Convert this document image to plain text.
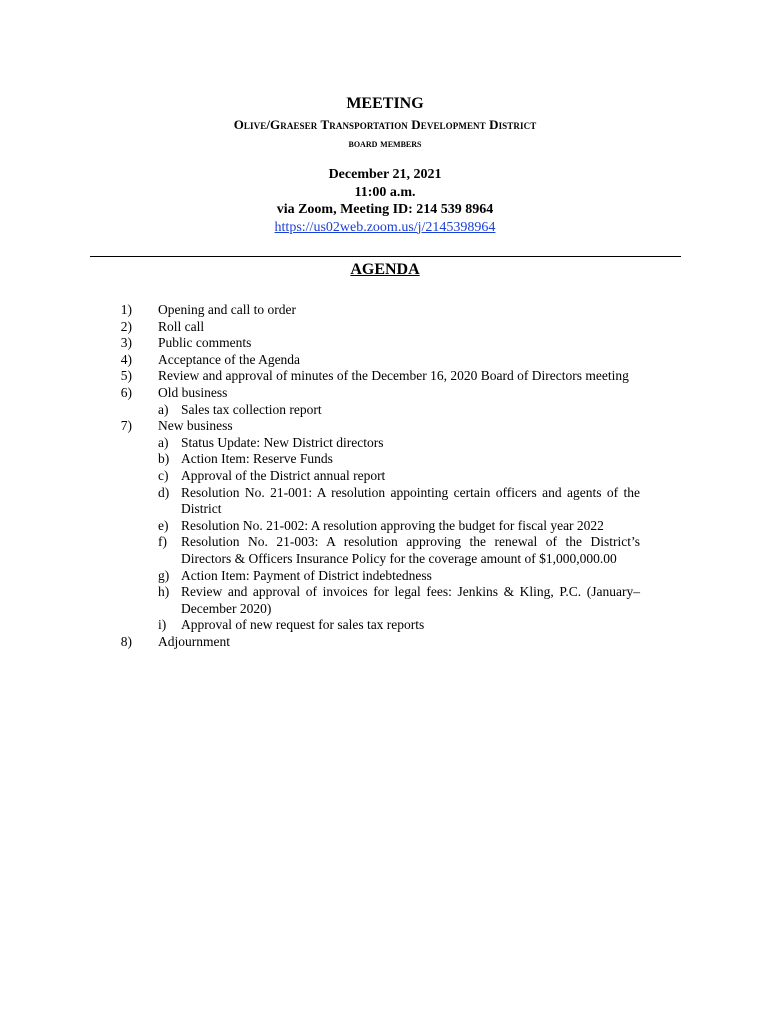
MEETING
Olive/Graeser Transportation Development District
board members
December 21, 2021
11:00 a.m.
via Zoom, Meeting ID: 214 539 8964
https://us02web.zoom.us/j/2145398964
AGENDA
1)	Opening and call to order
2)	Roll call
3)	Public comments
4)	Acceptance of the Agenda
5)	Review and approval of minutes of the December 16, 2020 Board of Directors meeting
6)	Old business
a) Sales tax collection report
7)	New business
a) Status Update: New District directors
b) Action Item: Reserve Funds
c) Approval of the District annual report
d) Resolution No. 21-001: A resolution appointing certain officers and agents of the District
e) Resolution No. 21-002: A resolution approving the budget for fiscal year 2022
f)	Resolution No. 21-003: A resolution approving the renewal of the District’s Directors & Officers Insurance Policy for the coverage amount of $1,000,000.00
g) Action Item: Payment of District indebtedness
h) Review and approval of invoices for legal fees: Jenkins & Kling, P.C. (January–December 2020)
i)	Approval of new request for sales tax reports
8)	Adjournment
